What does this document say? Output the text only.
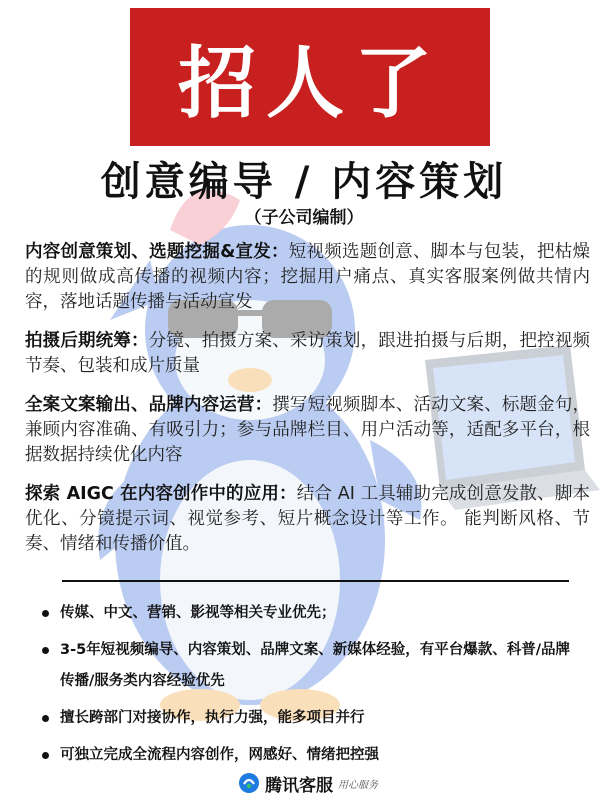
招人了
创意编导 / 内容策划
（子公司编制）

内容创意策划、选题挖掘&宣发：短视频选题创意、脚本与包装，把枯燥的规则做成高传播的视频内容；挖掘用户痛点、真实客服案例做共情内容，落地话题传播与活动宣发

拍摄后期统筹：分镜、拍摄方案、采访策划，跟进拍摄与后期，把控视频节奏、包装和成片质量

全案文案输出、品牌内容运营：撰写短视频脚本、活动文案、标题金句，兼顾内容准确、有吸引力；参与品牌栏目、用户活动等，适配多平台，根据数据持续优化内容

探索 AIGC 在内容创作中的应用：结合 AI 工具辅助完成创意发散、脚本优化、分镜提示词、视觉参考、短片概念设计等工作。 能判断风格、节奏、情绪和传播价值。

传媒、中文、营销、影视等相关专业优先；
3-5年短视频编导、内容策划、品牌文案、新媒体经验，有平台爆款、科普/品牌传播/服务类内容经验优先
擅长跨部门对接协作，执行力强，能多项目并行
可独立完成全流程内容创作，网感好、情绪把控强
腾讯客服 用心服务
